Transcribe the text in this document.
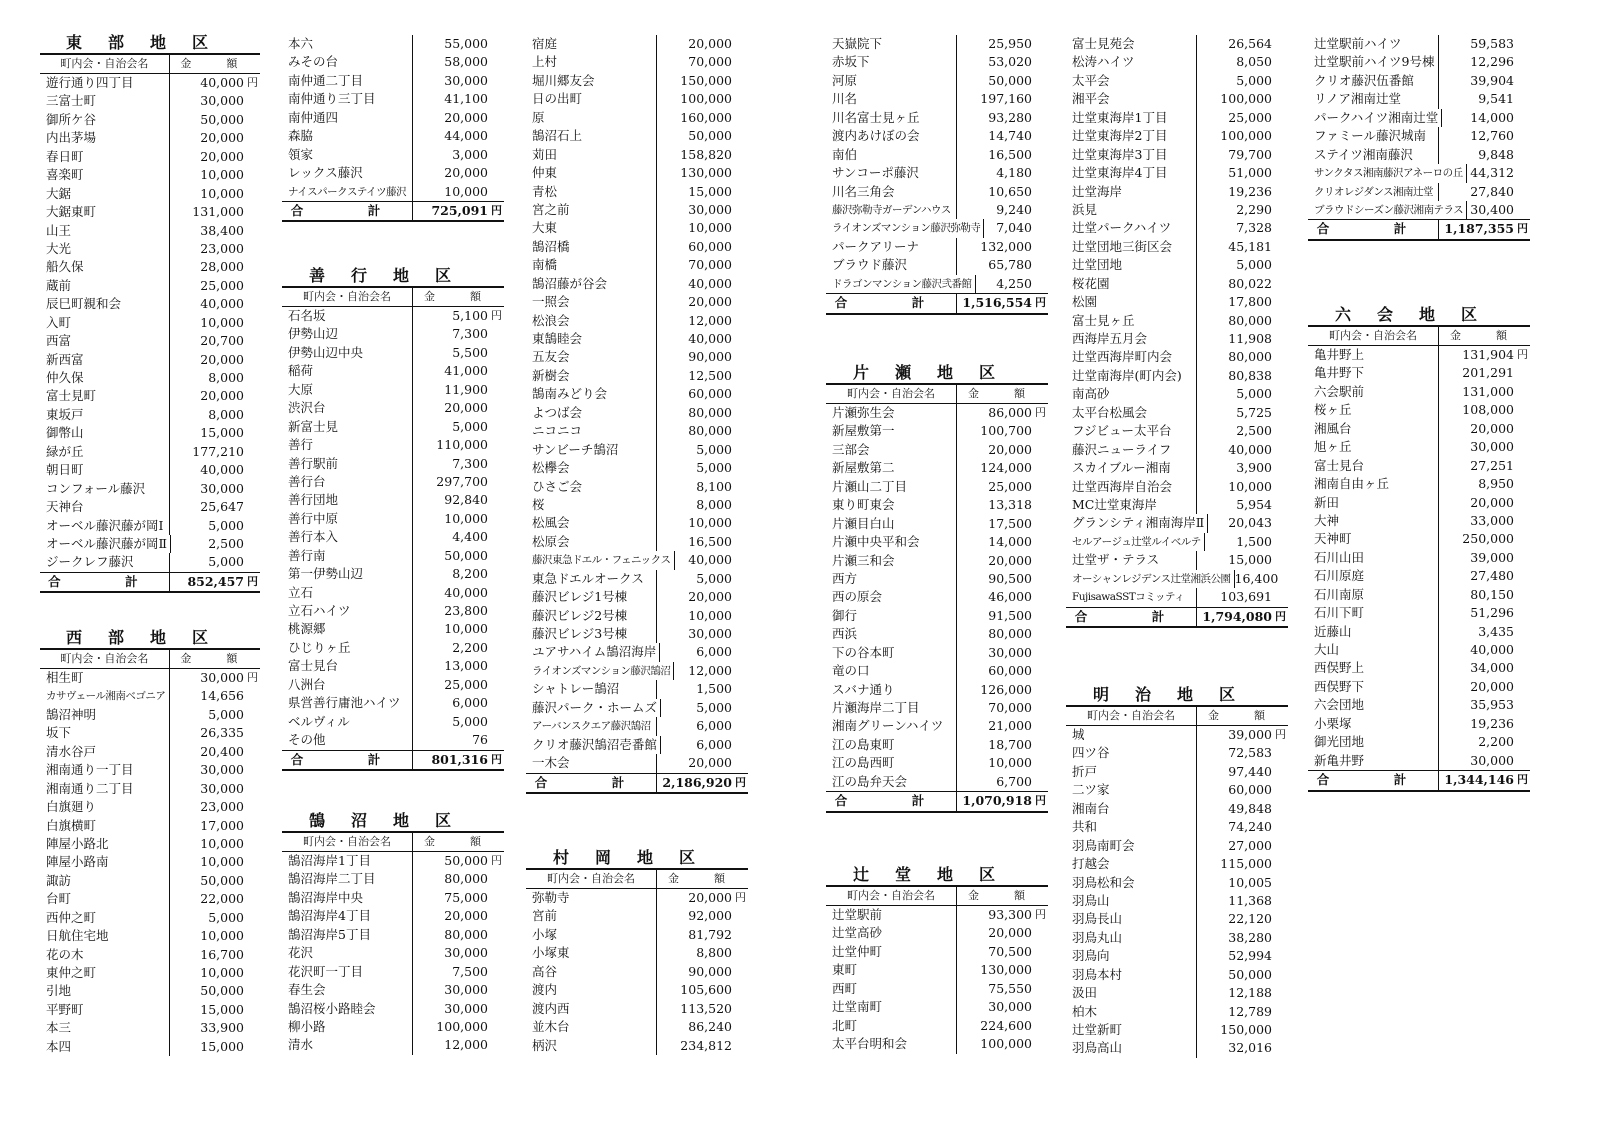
東部地区
町内会・自治会名	金　額
遊行通り四丁目	40,000 円
三富士町	30,000
御所ケ谷	50,000
内出茅場	20,000
春日町	20,000
喜楽町	10,000
大鋸	10,000
大鋸東町	131,000
山王	38,400
大光	23,000
船久保	28,000
蔵前	25,000
辰巳町親和会	40,000
入町	10,000
西富	20,700
新西富	20,000
仲久保	8,000
富士見町	20,000
東坂戸	8,000
御幣山	15,000
緑が丘	177,210
朝日町	40,000
コンフォール藤沢	30,000
天神台	25,647
オーベル藤沢藤が岡Ⅰ	5,000
オーベル藤沢藤が岡Ⅱ	2,500
ジークレフ藤沢	5,000
合　計	852,457 円
西部地区
町内会・自治会名	金　額
相生町	30,000 円
カサヴェール湘南ベゴニア	14,656
鵠沼神明	5,000
坂下	26,335
清水谷戸	20,400
湘南通り一丁目	30,000
湘南通り二丁目	30,000
白旗廻り	23,000
白旗横町	17,000
陣屋小路北	10,000
陣屋小路南	10,000
諏訪	50,000
台町	22,000
西仲之町	5,000
日航住宅地	10,000
花の木	16,700
東仲之町	10,000
引地	50,000
平野町	15,000
本三	33,900
本四	15,000
本六	55,000
みその台	58,000
南仲通二丁目	30,000
南仲通り三丁目	41,100
南仲通四	20,000
森脇	44,000
領家	3,000
レックス藤沢	20,000
ナイスパークステイツ藤沢	10,000
合　計	725,091 円
善行地区
町内会・自治会名	金　額
石名坂	5,100 円
伊勢山辺	7,300
伊勢山辺中央	5,500
稲荷	41,000
大原	11,900
渋沢台	20,000
新富士見	5,000
善行	110,000
善行駅前	7,300
善行台	297,700
善行団地	92,840
善行中原	10,000
善行本入	4,400
善行南	50,000
第一伊勢山辺	8,200
立石	40,000
立石ハイツ	23,800
桃源郷	10,000
ひじりヶ丘	2,200
富士見台	13,000
八洲台	25,000
県営善行庸池ハイツ	6,000
ベルヴィル	5,000
その他	76
合　計	801,316 円
鵠沼地区
町内会・自治会名	金　額
鵠沼海岸1丁目	50,000 円
鵠沼海岸二丁目	80,000
鵠沼海岸中央	75,000
鵠沼海岸4丁目	20,000
鵠沼海岸5丁目	80,000
花沢	30,000
花沢町一丁目	7,500
春生会	30,000
鵠沼桜小路睦会	30,000
柳小路	100,000
清水	12,000
宿庭	20,000
上村	70,000
堀川郷友会	150,000
日の出町	100,000
原	160,000
鵠沼石上	50,000
苅田	158,820
仲東	130,000
青松	15,000
宮之前	30,000
大東	10,000
鵠沼橋	60,000
南橋	70,000
鵠沼藤が谷会	40,000
一照会	20,000
松浪会	12,000
東鵠睦会	40,000
五友会	90,000
新樹会	12,500
鵠南みどり会	60,000
よつば会	80,000
ニコニコ	80,000
サンビーチ鵠沼	5,000
松欅会	5,000
ひさご会	8,100
桜	8,000
松風会	10,000
松原会	16,500
藤沢東急ドエル・フェニックス	40,000
東急ドエルオークス	5,000
藤沢ビレジ1号棟	20,000
藤沢ビレジ2号棟	10,000
藤沢ビレジ3号棟	30,000
ユアサハイム鵠沼海岸	6,000
ライオンズマンション藤沢鵠沼	12,000
シャトレー鵠沼	1,500
藤沢パーク・ホームズ	5,000
アーバンスクエア藤沢鵠沼	6,000
クリオ藤沢鵠沼壱番館	6,000
一木会	20,000
合　計 2,186,920 円
村岡地区
町内会・自治会名	金　額
弥勒寺	20,000 円
宮前	92,000
小塚	81,792
小塚東	8,800
高谷	90,000
渡内	105,600
渡内西	113,520
並木台	86,240
柄沢	234,812
天嶽院下	25,950
赤坂下	53,020
河原	50,000
川名	197,160
川名富士見ヶ丘	93,280
渡内あけぼの会	14,740
南伯	16,500
サンコーポ藤沢	4,180
川名三角会	10,650
藤沢弥勒寺ガーデンハウス	9,240
ライオンズマンション藤沢弥勒寺	7,040
パークアリーナ	132,000
ブラウド藤沢	65,780
ドラゴンマンション藤沢弐番館	4,250
合　計 1,516,554 円
片瀬地区
町内会・自治会名	金　額
片瀬弥生会	86,000 円
新屋敷第一	100,700
三部会	20,000
新屋敷第二	124,000
片瀬山二丁目	25,000
東り町東会	13,318
片瀬目白山	17,500
片瀬中央平和会	14,000
片瀬三和会	20,000
西方	90,500
西の原会	46,000
御行	91,500
西浜	80,000
下の谷本町	30,000
竜の口	60,000
スバナ通り	126,000
片瀬海岸二丁目	70,000
湘南グリーンハイツ	21,000
江の島東町	18,700
江の島西町	10,000
江の島弁天会	6,700
合　計 1,070,918 円
辻堂地区
町内会・自治会名	金　額
辻堂駅前	93,300 円
辻堂高砂	20,000
辻堂仲町	70,500
東町	130,000
西町	75,550
辻堂南町	30,000
北町	224,600
太平台明和会	100,000
富士見苑会	26,564
松涛ハイツ	8,050
太平会	5,000
湘平会	100,000
辻堂東海岸1丁目	25,000
辻堂東海岸2丁目	100,000
辻堂東海岸3丁目	79,700
辻堂東海岸4丁目	51,000
辻堂海岸	19,236
浜見	2,290
辻堂パークハイツ	7,328
辻堂団地三街区会	45,181
辻堂団地	5,000
桜花園	80,022
松園	17,800
富士見ヶ丘	80,000
西海岸五月会	11,908
辻堂西海岸町内会	80,000
辻堂南海岸(町内会)	80,838
南高砂	5,000
太平台松風会	5,725
フジビュー太平台	2,500
藤沢ニューライフ	40,000
スカイブルー湘南	3,900
辻堂西海岸自治会	10,000
MC辻堂東海岸	5,954
グランシティ湘南海岸Ⅱ	20,043
セルアージュ辻堂ルイベルテ	1,500
辻堂ザ・テラス	15,000
オーシャンレジデンス辻堂湘浜公園 16,400
FujisawaSSTコミッティ	103,691
合　計 1,794,080 円
明治地区
町内会・自治会名	金　額
城	39,000 円
四ツ谷	72,583
折戸	97,440
二ツ家	60,000
湘南台	49,848
共和	74,240
羽鳥南町会	27,000
打越会	115,000
羽鳥松和会	10,005
羽鳥山	11,368
羽鳥長山	22,120
羽鳥丸山	38,280
羽鳥向	52,994
羽鳥本村	50,000
汲田	12,188
柏木	12,789
辻堂新町	150,000
羽鳥高山	32,016
辻堂駅前ハイツ	59,583
辻堂駅前ハイツ9号棟	12,296
クリオ藤沢伍番館	39,904
リノア湘南辻堂	9,541
パークハイツ湘南辻堂	14,000
ファミール藤沢城南	12,760
ステイツ湘南藤沢	9,848
サンクタス湘南藤沢アネーロの丘 44,312
クリオレジダンス湘南辻堂	27,840
ブラウドシーズン藤沢湘南テラス 30,400
合　計 1,187,355 円
六会地区
町内会・自治会名	金　額
亀井野上	131,904 円
亀井野下	201,291
六会駅前	131,000
桜ヶ丘	108,000
湘風台	20,000
旭ヶ丘	30,000
富士見台	27,251
湘南自由ヶ丘	8,950
新田	20,000
大神	33,000
天神町	250,000
石川山田	39,000
石川原庭	27,480
石川南原	80,150
石川下町	51,296
近藤山	3,435
大山	40,000
西俣野上	34,000
西俣野下	20,000
六会団地	35,953
小栗塚	19,236
御光団地	2,200
新亀井野	30,000
合　計 1,344,146 円
